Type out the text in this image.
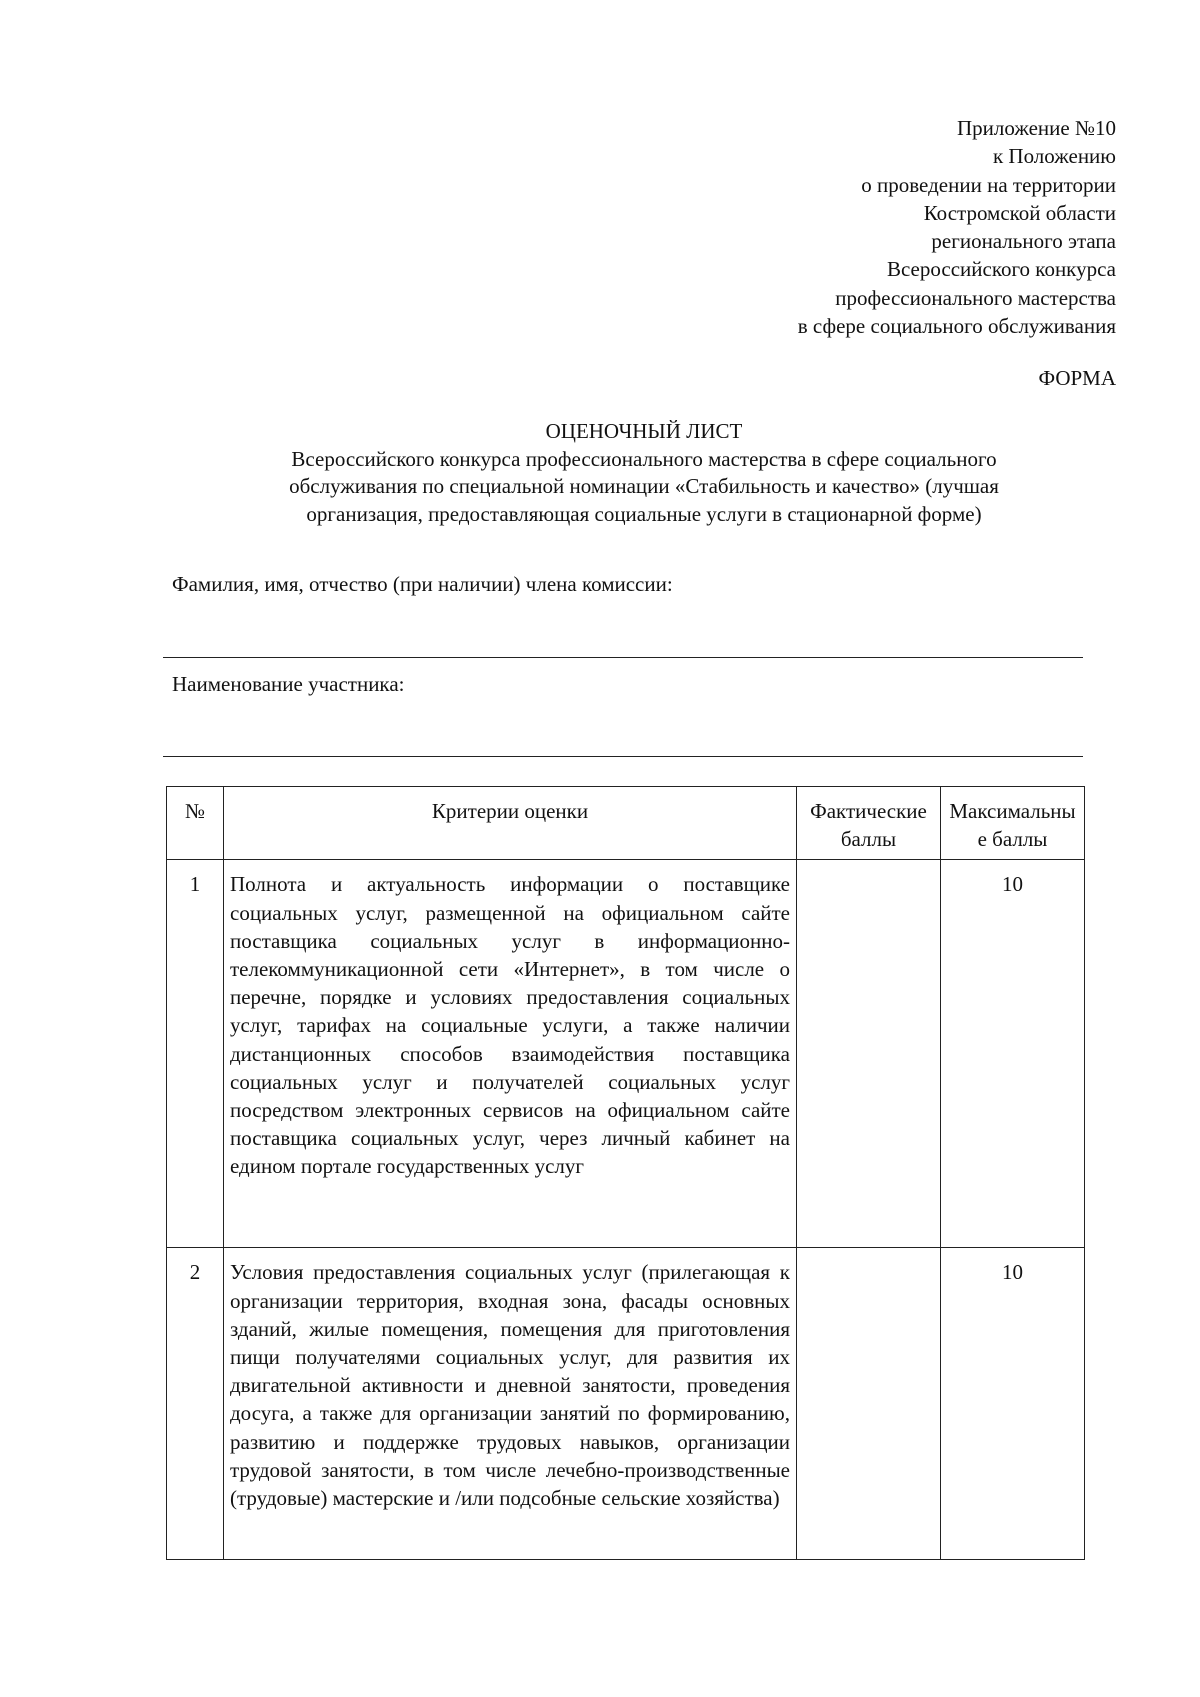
Приложение №10
к Положению
о проведении на территории
Костромской области
регионального этапа
Всероссийского конкурса
профессионального мастерства
в сфере социального обслуживания
ФОРМА
ОЦЕНОЧНЫЙ ЛИСТ
Всероссийского конкурса профессионального мастерства в сфере социального
обслуживания по специальной номинации «Стабильность и качество» (лучшая
организация, предоставляющая социальные услуги в стационарной форме)
Фамилия, имя, отчество (при наличии) члена комиссии:
Наименование участника:
№	Критерии оценки	Фактические баллы	Максимальные баллы
1	Полнота и актуальность информации о поставщике социальных услуг, размещенной на официальном сайте поставщика социальных услуг в информационно-телекоммуникационной сети «Интернет», в том числе о перечне, порядке и условиях предоставления социальных услуг, тарифах на социальные услуги, а также наличии дистанционных способов взаимодействия поставщика социальных услуг и получателей социальных услуг посредством электронных сервисов на официальном сайте поставщика социальных услуг, через личный кабинет на едином портале государственных услуг		10
2	Условия предоставления социальных услуг (прилегающая к организации территория, входная зона, фасады основных зданий, жилые помещения, помещения для приготовления пищи получателями социальных услуг, для развития их двигательной активности и дневной занятости, проведения досуга, а также для организации занятий по формированию, развитию и поддержке трудовых навыков, организации трудовой занятости, в том числе лечебно-производственные (трудовые) мастерские и /или подсобные сельские хозяйства)		10
